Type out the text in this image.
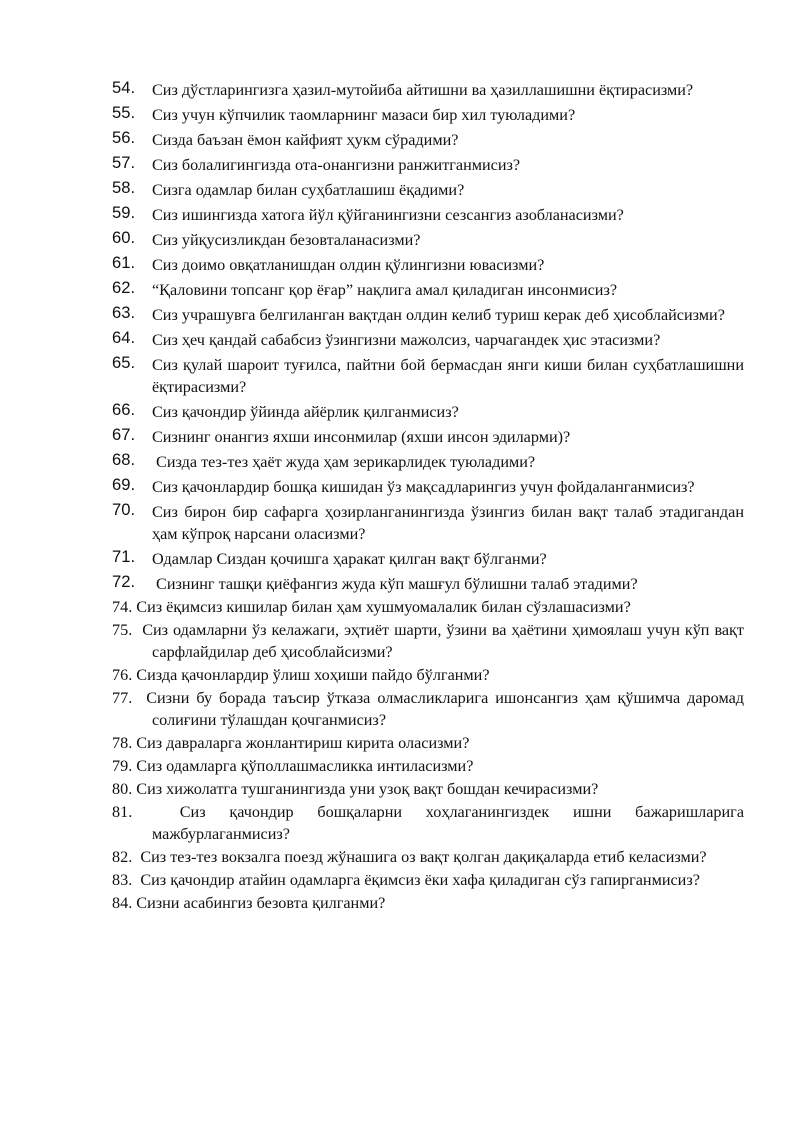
54. Сиз дўстларингизга ҳазил-мутойиба айтишни ва ҳазиллашишни ёқтирасизми?
55. Сиз учун кўпчилик таомларнинг мазаси бир хил туюладими?
56. Сизда баъзан ёмон кайфият ҳукм сўрадими?
57. Сиз болалигингизда ота-онангизни ранжитганмисиз?
58. Сизга одамлар билан суҳбатлашиш ёқадими?
59. Сиз ишингизда хатога йўл қўйганингизни сезсангиз азобланасизми?
60. Сиз уйқусизликдан безовталанасизми?
61. Сиз доимо овқатланишдан олдин қўлингизни ювасизми?
62. “Қаловини топсанг қор ёғар” нақлига амал қиладиган инсонмисиз?
63. Сиз учрашувга белгиланган вақтдан олдин келиб туриш керак деб ҳисоблайсизми?
64. Сиз ҳеч қандай сабабсиз ўзингизни мажолсиз, чарчагандек ҳис этасизми?
65. Сиз қулай шароит туғилса, пайтни бой бермасдан янги киши билан суҳбатлашишни ёқтирасизми?
66. Сиз қачондир ўйинда айёрлик қилганмисиз?
67. Сизнинг онангиз яхши инсонмилар (яхши инсон эдиларми)?
68. Сизда тез-тез ҳаёт жуда ҳам зерикарлидек туюладими?
69. Сиз қачонлардир бошқа кишидан ўз мақсадларингиз учун фойдаланганмисиз?
70. Сиз бирон бир сафарга ҳозирланганингизда ўзингиз билан вақт талаб этадигандан ҳам кўпроқ нарсани оласизми?
71. Одамлар Сиздан қочишга ҳаракат қилган вақт бўлганми?
72. Сизнинг ташқи қиёфангиз жуда кўп машғул бўлишни талаб этадими?
74. Сиз ёқимсиз кишилар билан ҳам хушмуомалалик билан сўзлашасизми?
75. Сиз одамларни ўз келажаги, эҳтиёт шарти, ўзини ва ҳаётини ҳимоялаш учун кўп вақт сарфлайдилар деб ҳисоблайсизми?
76. Сизда қачонлардир ўлиш хоҳиши пайдо бўлганми?
77. Сизни бу борада таъсир ўтказа олмасликларига ишонсангиз ҳам қўшимча даромад солиғини тўлашдан қочганмисиз?
78. Сиз давраларга жонлантириш кирита оласизми?
79. Сиз одамларга қўполлашмасликка интиласизми?
80. Сиз хижолатга тушганингизда уни узоқ вақт бошдан кечирасизми?
81.	Сиз қачондир бошқаларни хоҳлаганингиздек ишни бажаришларига мажбурлаганмисиз?
82. Сиз тез-тез вокзалга поезд жўнашига оз вақт қолган дақиқаларда етиб келасизми?
83. Сиз қачондир атайин одамларга ёқимсиз ёки хафа қиладиган сўз гапирганмисиз?
84. Сизни асабингиз безовта қилганми?
